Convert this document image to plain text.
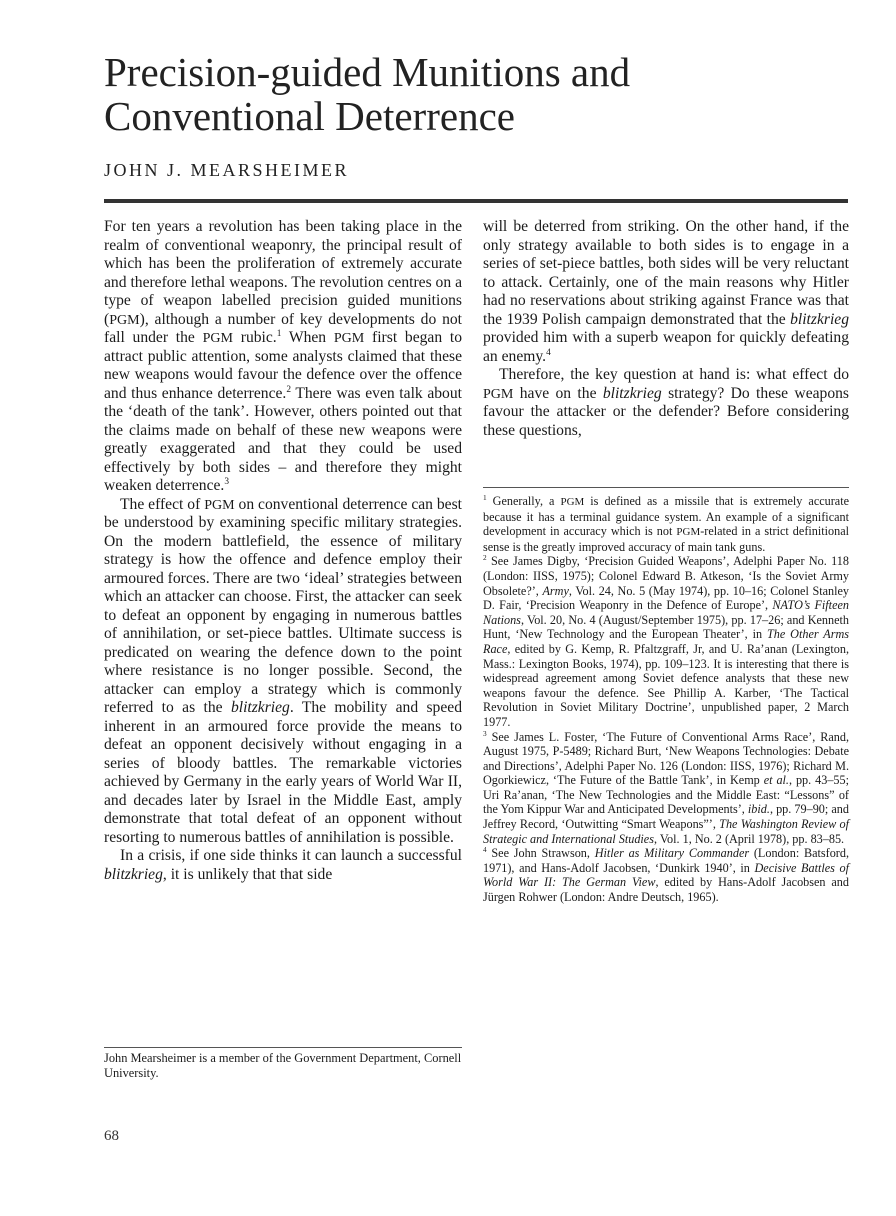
Precision-guided Munitions and Conventional Deterrence
JOHN J. MEARSHEIMER

For ten years a revolution has been taking place in the realm of conventional weaponry, the principal result of which has been the proliferation of extremely accurate and therefore lethal weapons. The revolution centres on a type of weapon labelled precision guided munitions (PGM), although a number of key developments do not fall under the PGM rubic.$^1$ When PGM first began to attract public attention, some analysts claimed that these new weapons would favour the defence over the offence and thus enhance deterrence.$^2$ There was even talk about the ‘death of the tank’. However, others pointed out that the claims made on behalf of these new weapons were greatly exaggerated and that they could be used effectively by both sides – and therefore they might weaken deterrence.$^3$

The effect of PGM on conventional deterrence can best be understood by examining specific military strategies. On the modern battlefield, the essence of military strategy is how the offence and defence employ their armoured forces. There are two ‘ideal’ strategies between which an attacker can choose. First, the attacker can seek to defeat an opponent by engaging in numerous battles of annihilation, or set-piece battles. Ultimate success is predicated on wearing the defence down to the point where resistance is no longer possible. Second, the attacker can employ a strategy which is commonly referred to as the blitzkrieg. The mobility and speed inherent in an armoured force provide the means to defeat an opponent decisively without engaging in a series of bloody battles. The remarkable victories achieved by Germany in the early years of World War II, and decades later by Israel in the Middle East, amply demonstrate that total defeat of an opponent without resorting to numerous battles of annihilation is possible.

In a crisis, if one side thinks it can launch a successful blitzkrieg, it is unlikely that that side

will be deterred from striking. On the other hand, if the only strategy available to both sides is to engage in a series of set-piece battles, both sides will be very reluctant to attack. Certainly, one of the main reasons why Hitler had no reservations about striking against France was that the 1939 Polish campaign demonstrated that the blitzkrieg provided him with a superb weapon for quickly defeating an enemy.$^4$

Therefore, the key question at hand is: what effect do PGM have on the blitzkrieg strategy? Do these weapons favour the attacker or the defender? Before considering these questions,

$^1$ Generally, a PGM is defined as a missile that is extremely accurate because it has a terminal guidance system. An example of a significant development in accuracy which is not PGM-related in a strict definitional sense is the greatly improved accuracy of main tank guns.

$^2$ See James Digby, ‘Precision Guided Weapons’, Adelphi Paper No. 118 (London: IISS, 1975); Colonel Edward B. Atkeson, ‘Is the Soviet Army Obsolete?’, Army, Vol. 24, No. 5 (May 1974), pp. 10–16; Colonel Stanley D. Fair, ‘Precision Weaponry in the Defence of Europe’, NATO’s Fifteen Nations, Vol. 20, No. 4 (August/September 1975), pp. 17–26; and Kenneth Hunt, ‘New Technology and the European Theater’, in The Other Arms Race, edited by G. Kemp, R. Pfaltzgraff, Jr, and U. Ra’anan (Lexington, Mass.: Lexington Books, 1974), pp. 109–123. It is interesting that there is widespread agreement among Soviet defence analysts that these new weapons favour the defence. See Phillip A. Karber, ‘The Tactical Revolution in Soviet Military Doctrine’, unpublished paper, 2 March 1977.

$^3$ See James L. Foster, ‘The Future of Conventional Arms Race’, Rand, August 1975, P-5489; Richard Burt, ‘New Weapons Technologies: Debate and Directions’, Adelphi Paper No. 126 (London: IISS, 1976); Richard M. Ogorkiewicz, ‘The Future of the Battle Tank’, in Kemp et al., pp. 43–55; Uri Ra’anan, ‘The New Technologies and the Middle East: “Lessons” of the Yom Kippur War and Anticipated Developments’, ibid., pp. 79–90; and Jeffrey Record, ‘Outwitting “Smart Weapons”’, The Washington Review of Strategic and International Studies, Vol. 1, No. 2 (April 1978), pp. 83–85.

$^4$ See John Strawson, Hitler as Military Commander (London: Batsford, 1971), and Hans-Adolf Jacobsen, ‘Dunkirk 1940’, in Decisive Battles of World War II: The German View, edited by Hans-Adolf Jacobsen and Jürgen Rohwer (London: Andre Deutsch, 1965).

John Mearsheimer is a member of the Government Department, Cornell University.

68
